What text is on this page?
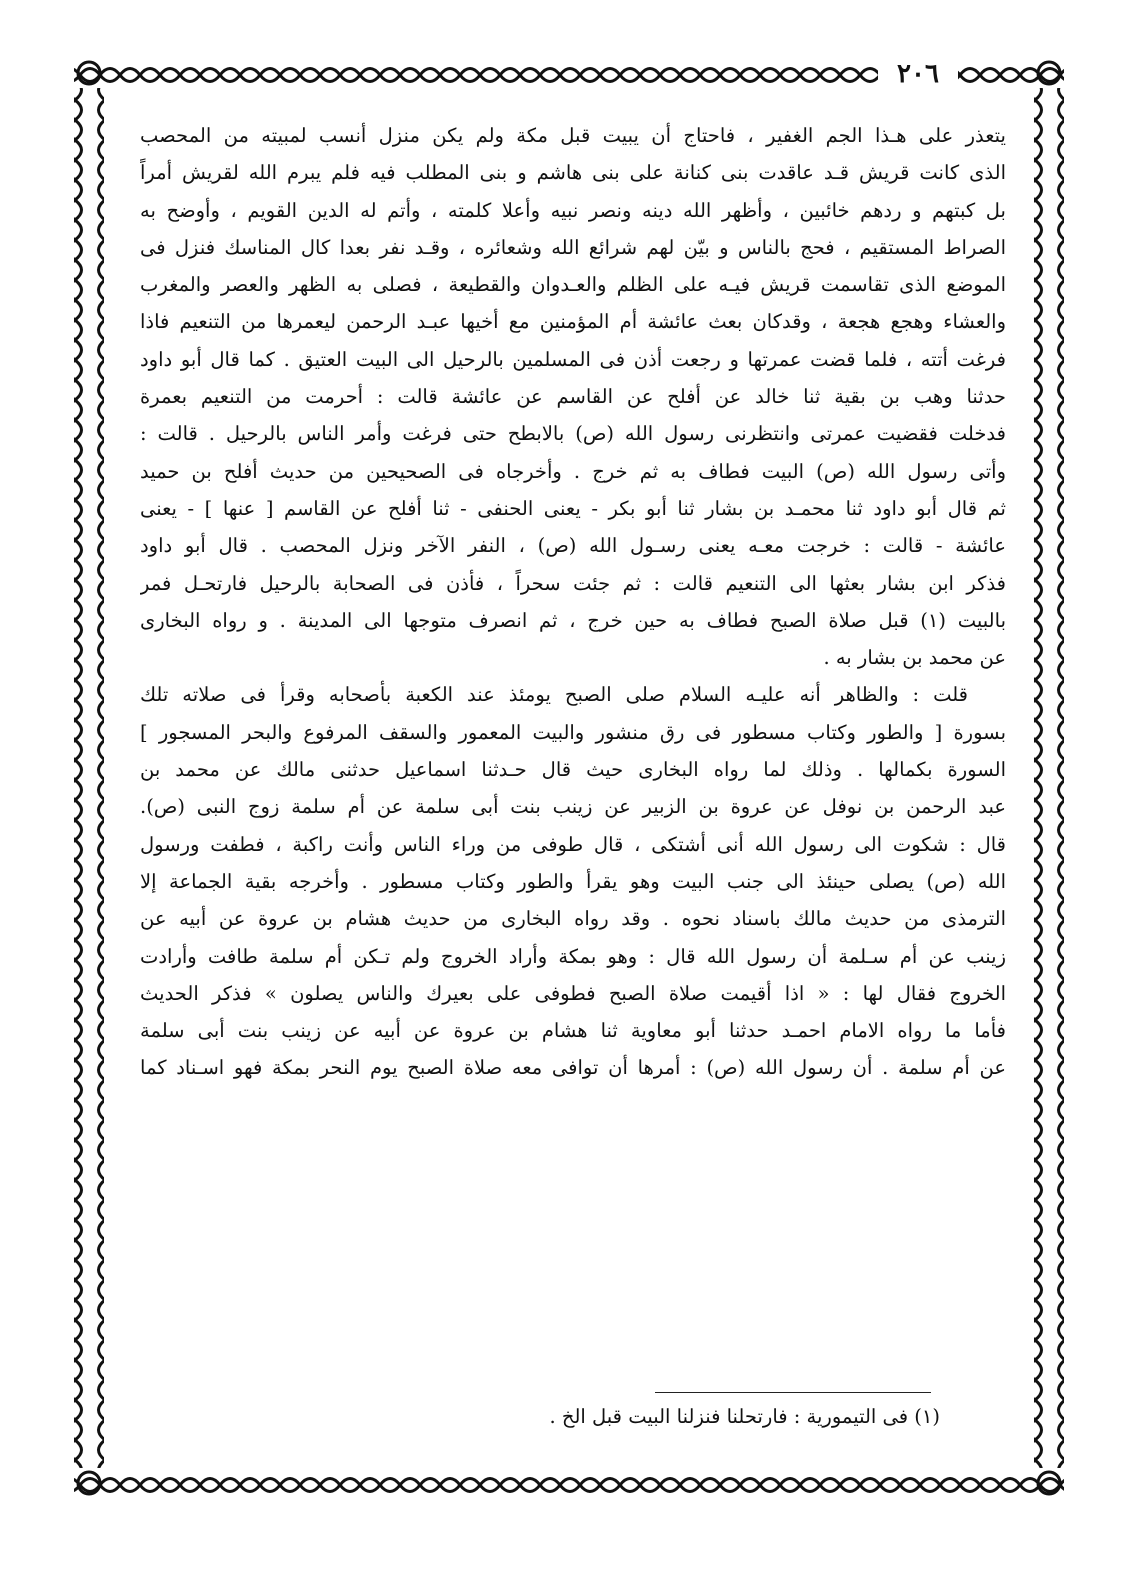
٢٠٦
يتعذر على هـذا الجم الغفير ، فاحتاج أن يبيت قبل مكة ولم يكن منزل أنسب لمبيته من المحصب
الذى كانت قريش قـد عاقدت بنى كنانة على بنى هاشم و بنى المطلب فيه فلم يبرم الله لقريش أمراً
بل كبتهم و ردهم خائبين ، وأظهر الله دينه ونصر نبيه وأعلا كلمته ، وأتم له الدين القويم ، وأوضح به
الصراط المستقيم ، فحج بالناس و بيّن لهم شرائع الله وشعائره ، وقـد نفر بعدا كال المناسك فنزل فى
الموضع الذى تقاسمت قريش فيـه على الظلم والعـدوان والقطيعة ، فصلى به الظهر والعصر والمغرب
والعشاء وهجع هجعة ، وقدكان بعث عائشة أم المؤمنين مع أخيها عبـد الرحمن ليعمرها من التنعيم فاذا
فرغت أتته ، فلما قضت عمرتها و رجعت أذن فى المسلمين بالرحيل الى البيت العتيق . كما قال أبو داود
حدثنا وهب بن بقية ثنا خالد عن أفلح عن القاسم عن عائشة قالت : أحرمت من التنعيم بعمرة
فدخلت فقضيت عمرتى وانتظرنى رسول الله (ص) بالابطح حتى فرغت وأمر الناس بالرحيل . قالت :
وأتى رسول الله (ص) البيت فطاف به ثم خرج . وأخرجاه فى الصحيحين من حديث أفلح بن حميد
ثم قال أبو داود ثنا محمـد بن بشار ثنا أبو بكر - يعنى الحنفى - ثنا أفلح عن القاسم [ عنها ] - يعنى
عائشة - قالت : خرجت معـه يعنى رسـول الله (ص) ، النفر الآخر ونزل المحصب . قال أبو داود
فذكر ابن بشار بعثها الى التنعيم قالت : ثم جئت سحراً ، فأذن فى الصحابة بالرحيل فارتحـل فمر
بالبيت (١) قبل صلاة الصبح فطاف به حين خرج ، ثم انصرف متوجها الى المدينة . و رواه البخارى
عن محمد بن بشار به .
قلت : والظاهر أنه عليـه السلام صلى الصبح يومئذ عند الكعبة بأصحابه وقرأ فى صلاته تلك
بسورة [ والطور وكتاب مسطور فى رق منشور والبيت المعمور والسقف المرفوع والبحر المسجور ]
السورة بكمالها . وذلك لما رواه البخارى حيث قال حـدثنا اسماعيل حدثنى مالك عن محمد بن
عبد الرحمن بن نوفل عن عروة بن الزبير عن زينب بنت أبى سلمة عن أم سلمة زوج النبى (ص).
قال : شكوت الى رسول الله أنى أشتكى ، قال طوفى من وراء الناس وأنت راكبة ، فطفت ورسول
الله (ص) يصلى حينئذ الى جنب البيت وهو يقرأ والطور وكتاب مسطور . وأخرجه بقية الجماعة إلا
الترمذى من حديث مالك باسناد نحوه . وقد رواه البخارى من حديث هشام بن عروة عن أبيه عن
زينب عن أم سـلمة أن رسول الله قال : وهو بمكة وأراد الخروج ولم تـكن أم سلمة طافت وأرادت
الخروج فقال لها : « اذا أقيمت صلاة الصبح فطوفى على بعيرك والناس يصلون » فذكر الحديث
فأما ما رواه الامام احمـد حدثنا أبو معاوية ثنا هشام بن عروة عن أبيه عن زينب بنت أبى سلمة
عن أم سلمة . أن رسول الله (ص) : أمرها أن توافى معه صلاة الصبح يوم النحر بمكة فهو اسـناد كما
(١) فى التيمورية : فارتحلنا فنزلنا البيت قبل الخ .
